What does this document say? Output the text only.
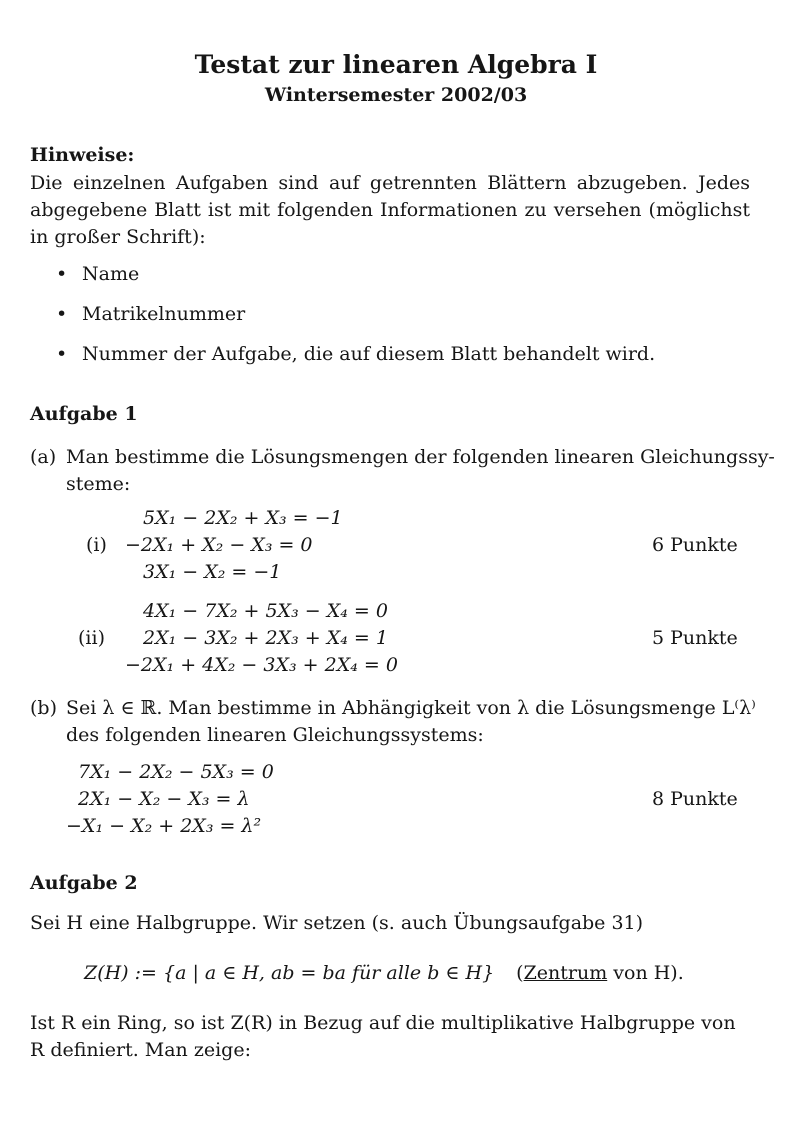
Testat zur linearen Algebra I
Wintersemester 2002/03
Hinweise:
Die einzelnen Aufgaben sind auf getrennten Blättern abzugeben. Jedes abgegebene Blatt ist mit folgenden Informationen zu versehen (möglichst in großer Schrift):
• Name
• Matrikelnummer
• Nummer der Aufgabe, die auf diesem Blatt behandelt wird.
Aufgabe 1
(a) Man bestimme die Lösungsmengen der folgenden linearen Gleichungssy-
steme:
(i)
5X₁ − 2X₂ + X₃ = −1
−2X₁ + X₂ − X₃ = 0
3X₁ − X₂ = −1
6 Punkte
(ii)
4X₁ − 7X₂ + 5X₃ − X₄ = 0
2X₁ − 3X₂ + 2X₃ + X₄ = 1
−2X₁ + 4X₂ − 3X₃ + 2X₄ = 0
5 Punkte
(b) Sei λ ∈ ℝ. Man bestimme in Abhängigkeit von λ die Lösungsmenge L⁽λ⁾
des folgenden linearen Gleichungssystems:
7X₁ − 2X₂ − 5X₃ = 0
2X₁ − X₂ − X₃ = λ
−X₁ − X₂ + 2X₃ = λ²
8 Punkte
Aufgabe 2
Sei H eine Halbgruppe. Wir setzen (s. auch Übungsaufgabe 31)
Z(H) := {a | a ∈ H, ab = ba für alle b ∈ H} (Zentrum von H).
Ist R ein Ring, so ist Z(R) in Bezug auf die multiplikative Halbgruppe von
R definiert. Man zeige:
